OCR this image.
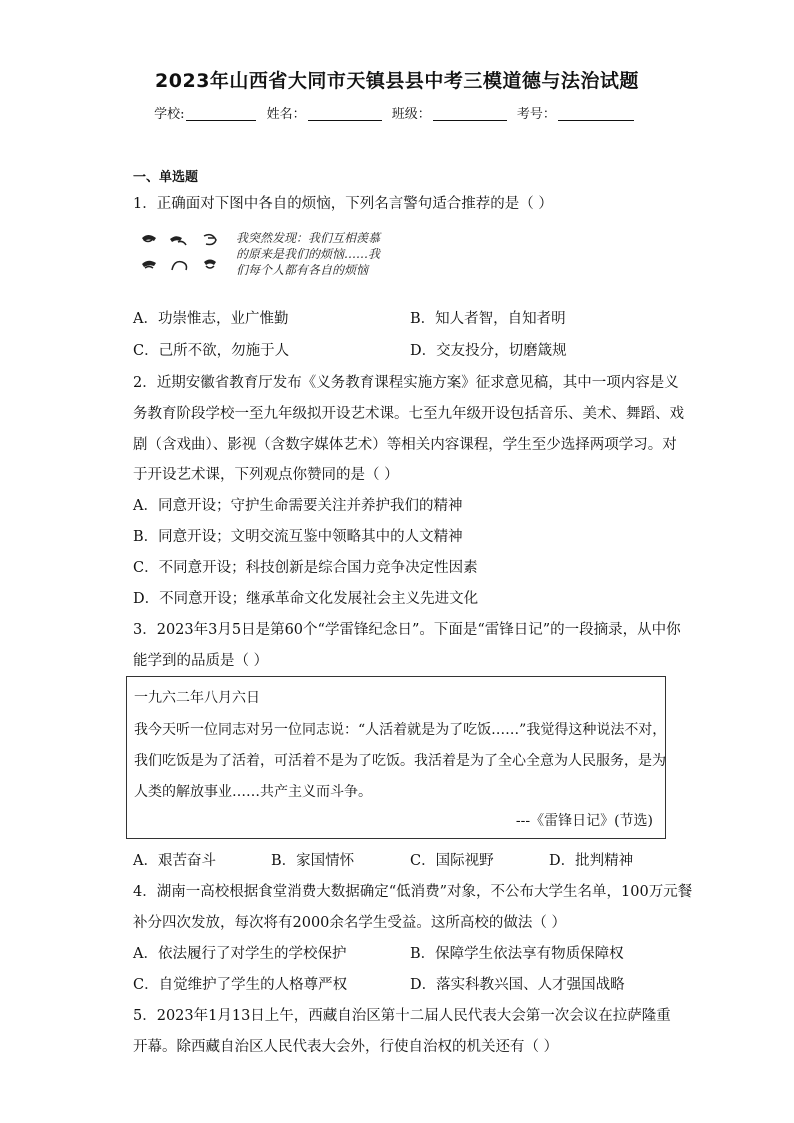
2023年山西省大同市天镇县县中考三模道德与法治试题
学校:	姓名：	班级：	考号：
一、单选题
1．正确面对下图中各自的烦恼，下列名言警句适合推荐的是（ ）
我突然发现：我们互相羡慕
的原来是我们的烦恼……我
们每个人都有各自的烦恼
A．功崇惟志，业广惟勤	B．知人者智，自知者明
C．己所不欲，勿施于人	D．交友投分，切磨箴规
2．近期安徽省教育厅发布《义务教育课程实施方案》征求意见稿，其中一项内容是义
务教育阶段学校一至九年级拟开设艺术课。七至九年级开设包括音乐、美术、舞蹈、戏
剧（含戏曲）、影视（含数字媒体艺术）等相关内容课程，学生至少选择两项学习。对
于开设艺术课，下列观点你赞同的是（ ）
A．同意开设；守护生命需要关注并养护我们的精神
B．同意开设；文明交流互鉴中领略其中的人文精神
C．不同意开设；科技创新是综合国力竞争决定性因素
D．不同意开设；继承革命文化发展社会主义先进文化
3．2023年3月5日是第60个“学雷锋纪念日”。下面是“雷锋日记”的一段摘录，从中你
能学到的品质是（ ）
一九六二年八月六日
我今天听一位同志对另一位同志说：“人活着就是为了吃饭……”我觉得这种说法不对，
我们吃饭是为了活着，可活着不是为了吃饭。我活着是为了全心全意为人民服务，是为
人类的解放事业……共产主义而斗争。
---《雷锋日记》(节选)
A．艰苦奋斗	B．家国情怀	C．国际视野	D．批判精神
4．湖南一高校根据食堂消费大数据确定“低消费”对象，不公布大学生名单，100万元餐
补分四次发放，每次将有2000余名学生受益。这所高校的做法（ ）
A．依法履行了对学生的学校保护	B．保障学生依法享有物质保障权
C．自觉维护了学生的人格尊严权	D．落实科教兴国、人才强国战略
5．2023年1月13日上午，西藏自治区第十二届人民代表大会第一次会议在拉萨隆重
开幕。除西藏自治区人民代表大会外，行使自治权的机关还有（ ）
